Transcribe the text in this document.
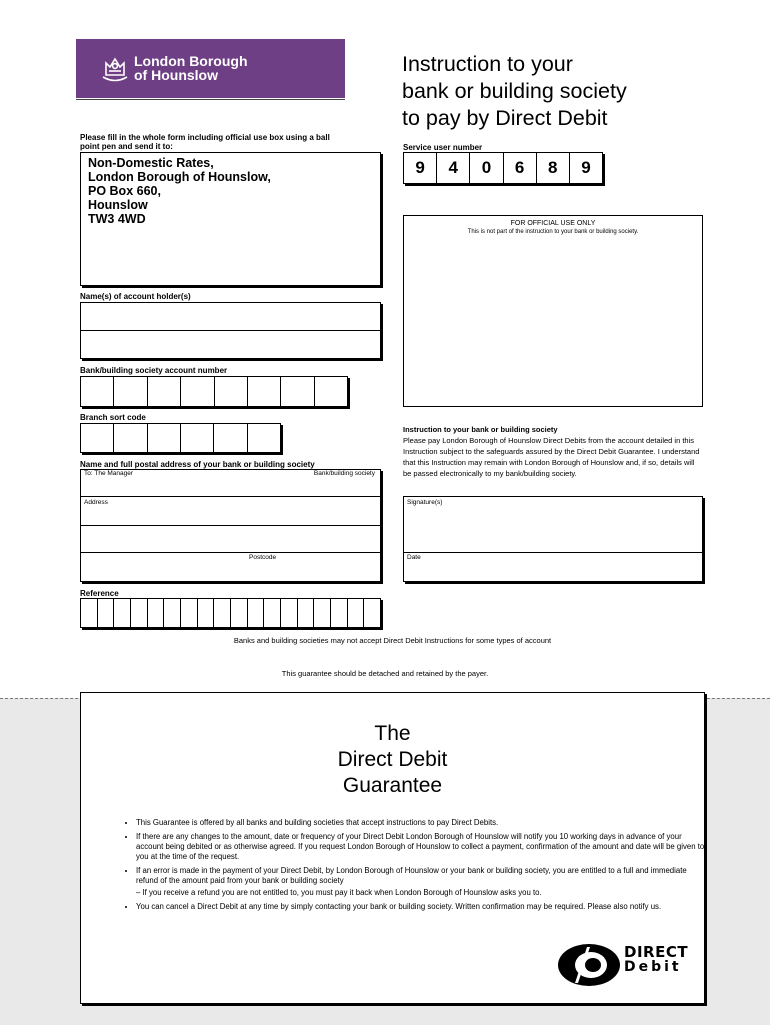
London Borough
of Hounslow	Instruction to your
bank or building society
to pay by Direct Debit
Please fill in the whole form including official use box using a ball
point pen and send it to:
Non-Domestic Rates,
London Borough of Hounslow,
PO Box 660,
Hounslow
TW3 4WD
Service user number
9	4	0	6	8	9
FOR OFFICIAL USE ONLY
This is not part of the instruction to your bank or building society.
Name(s) of account holder(s)
Bank/building society account number
Branch sort code
Name and full postal address of your bank or building society
To: The Manager	Bank/building society
Address
Postcode
Instruction to your bank or building society
Please pay London Borough of Hounslow Direct Debits from the account detailed in this Instruction subject to the safeguards assured by the Direct Debit Guarantee. I understand that this Instruction may remain with London Borough of Hounslow and, if so, details will be passed electronically to my bank/building society.
Signature(s)
Date
Reference
Banks and building societies may not accept Direct Debit Instructions for some types of account
This guarantee should be detached and retained by the payer.
The
Direct Debit
Guarantee
• This Guarantee is offered by all banks and building societies that accept instructions to pay Direct Debits.
• If there are any changes to the amount, date or frequency of your Direct Debit London Borough of Hounslow will notify you 10 working days in advance of your account being debited or as otherwise agreed. If you request London Borough of Hounslow to collect a payment, confirmation of the amount and date will be given to you at the time of the request.
• If an error is made in the payment of your Direct Debit, by London Borough of Hounslow or your bank or building society, you are entitled to a full and immediate refund of the amount paid from your bank or building society
– If you receive a refund you are not entitled to, you must pay it back when London Borough of Hounslow asks you to.
• You can cancel a Direct Debit at any time by simply contacting your bank or building society. Written confirmation may be required. Please also notify us.
DIRECT
Debit
